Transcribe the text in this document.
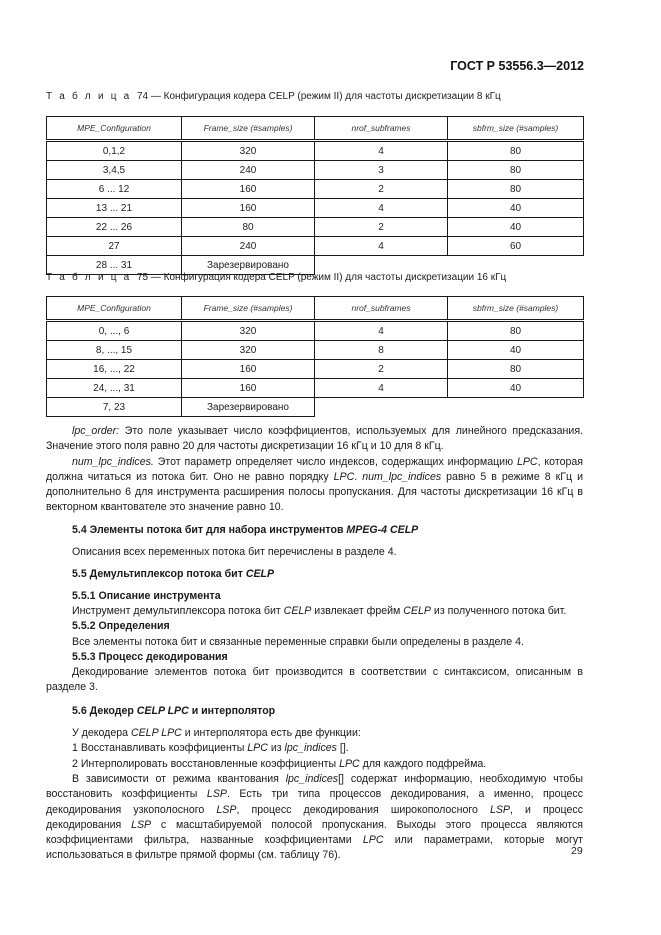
ГОСТ Р 53556.3—2012
Т а б л и ц а 74 — Конфигурация кодера CELP (режим II) для частоты дискретизации 8 кГц
MPE_Configuration	Frame_size (#samples)	nrof_subframes	sbfrm_size (#samples)
0,1,2	320	4	80
3,4,5	240	3	80
6 ... 12	160	2	80
13 ... 21	160	4	40
22 ... 26	80	2	40
27	240	4	60
28 ... 31	Зарезервировано		
Т а б л и ц а 75 — Конфигурация кодера CELP (режим II) для частоты дискретизации 16 кГц
MPE_Configuration	Frame_size (#samples)	nrof_subframes	sbfrm_size (#samples)
0, ..., 6	320	4	80
8, ..., 15	320	8	40
16, ..., 22	160	2	80
24, ..., 31	160	4	40
7, 23	Зарезервировано		

lpc_order: Это поле указывает число коэффициентов, используемых для линейного предсказания. Значение этого поля равно 20 для частоты дискретизации 16 кГц и 10 для 8 кГц.

num_lpc_indices. Этот параметр определяет число индексов, содержащих информацию LPC, которая должна читаться из потока бит. Оно не равно порядку LPC. num_lpc_indices равно 5 в режиме 8 кГц и дополнительно 6 для инструмента расширения полосы пропускания. Для частоты дискретизации 16 кГц в векторном квантователе это значение равно 10.

5.4 Элементы потока бит для набора инструментов MPEG-4 CELP

Описания всех переменных потока бит перечислены в разделе 4.

5.5 Демультиплексор потока бит CELP

5.5.1 Описание инструмента

Инструмент демультиплексора потока бит CELP извлекает фрейм CELP из полученного потока бит.

5.5.2 Определения

Все элементы потока бит и связанные переменные справки были определены в разделе 4.

5.5.3 Процесс декодирования

Декодирование элементов потока бит производится в соответствии с синтаксисом, описанным в разделе 3.

5.6 Декодер CELP LPC и интерполятор

У декодера CELP LPC и интерполятора есть две функции:

1 Восстанавливать коэффициенты LPC из lpc_indices [].

2 Интерполировать восстановленные коэффициенты LPC для каждого подфрейма.

В зависимости от режима квантования lpc_indices[] содержат информацию, необходимую чтобы восстановить коэффициенты LSP. Есть три типа процессов декодирования, а именно, процесс декодирования узкополосного LSP, процесс декодирования широкополосного LSP, и процесс декодирования LSP с масштабируемой полосой пропускания. Выходы этого процесса являются коэффициентами фильтра, названные коэффициентами LPC или параметрами, которые могут использоваться в фильтре прямой формы (см. таблицу 76).	29
